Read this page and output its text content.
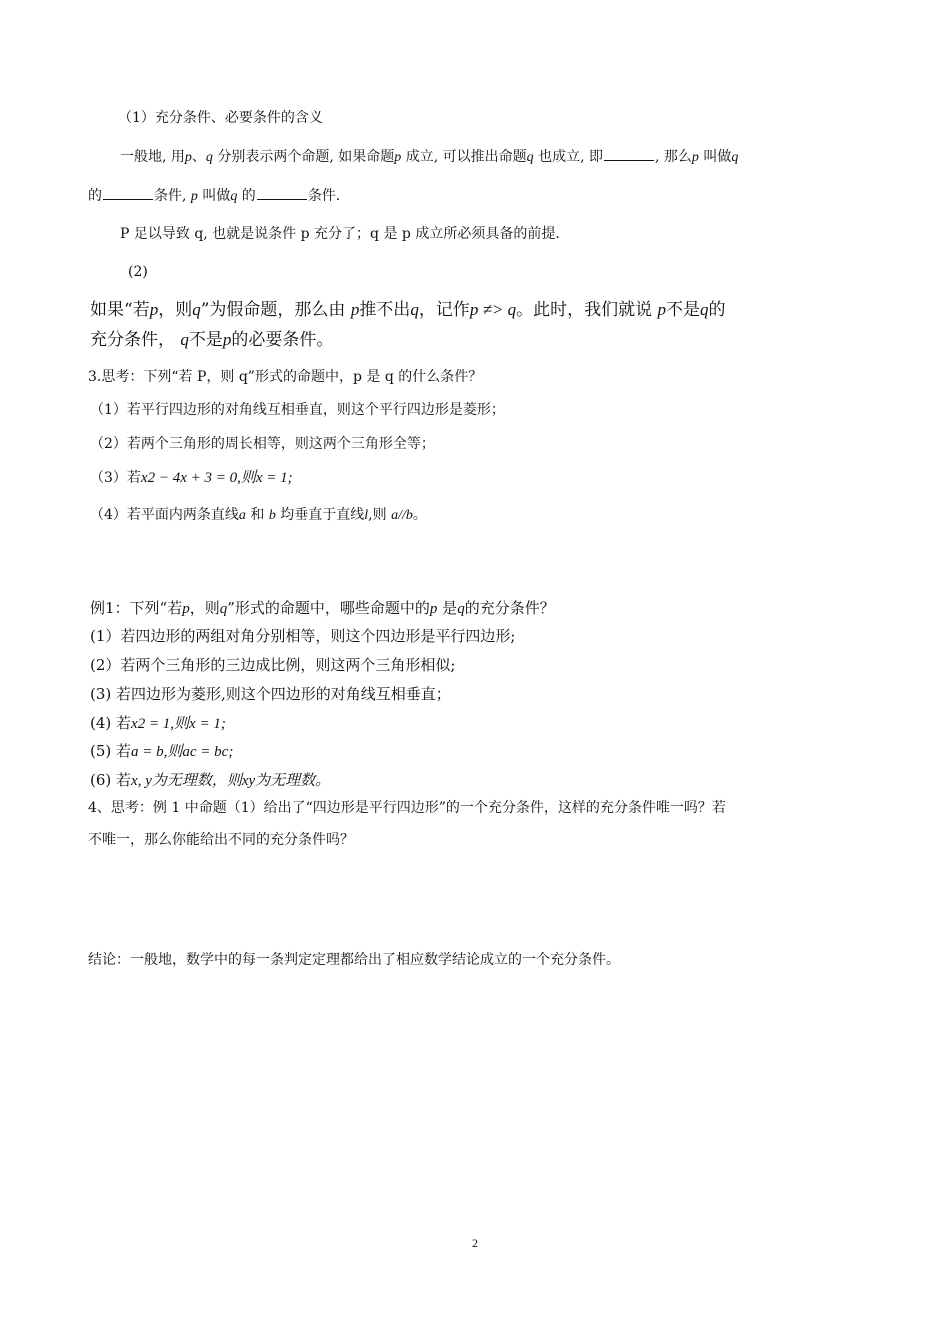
（1）充分条件、必要条件的含义
一般地, 用p、q 分别表示两个命题, 如果命题p 成立, 可以推出命题q 也成立, 即	, 那么p 叫做q
的	条件, p 叫做q 的	条件.
P 足以导致 q, 也就是说条件 p 充分了；q 是 p 成立所必须具备的前提.
(2)
如果“若p，则q”为假命题，那么由 p推不出q，记作p ≠> q。此时，我们就说 p不是q的
充分条件， q不是p的必要条件。
3.思考：下列“若 P，则 q”形式的命题中，p 是 q 的什么条件？
（1）若平行四边形的对角线互相垂直，则这个平行四边形是菱形；
（2）若两个三角形的周长相等，则这两个三角形全等；
（3）若x2 − 4x + 3 = 0,则x = 1;
（4）若平面内两条直线a 和 b 均垂直于直线l,则 a//b。
例1：下列“若p，则q”形式的命题中，哪些命题中的p 是q的充分条件？
(1）若四边形的两组对角分别相等，则这个四边形是平行四边形;
(2）若两个三角形的三边成比例，则这两个三角形相似;
(3) 若四边形为菱形,则这个四边形的对角线互相垂直；
(4) 若x2 = 1,则x = 1;
(5) 若a = b,则ac = bc;
(6) 若x, y为无理数，则xy为无理数。
4、思考：例 1 中命题（1）给出了“四边形是平行四边形”的一个充分条件，这样的充分条件唯一吗？若
不唯一，那么你能给出不同的充分条件吗？
结论：一般地，数学中的每一条判定定理都给出了相应数学结论成立的一个充分条件。
2
